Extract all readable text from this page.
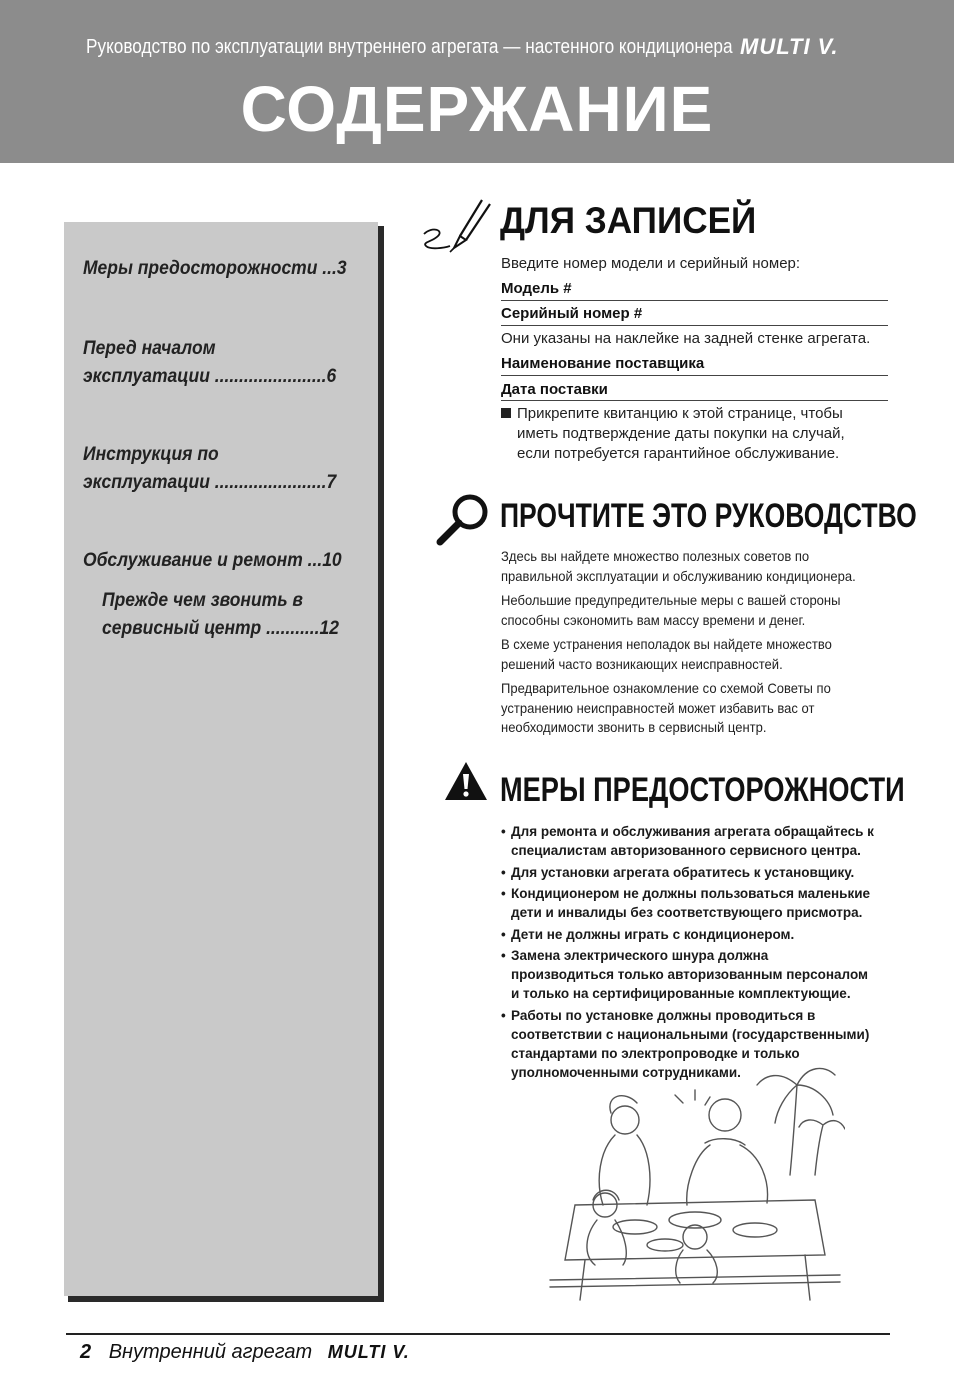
Руководство по эксплуатации внутреннего агрегата — настенного кондиционера MULTI V.
СОДЕРЖАНИЕ
Меры предосторожности ...3
Перед началом
эксплуатации .......................6
Инструкция по
эксплуатации .......................7
Обслуживание и ремонт ...10
Прежде чем звонить в
сервисный центр ...........12
ДЛЯ ЗАПИСЕЙ
Введите номер модели и серийный номер:
Модель #
Серийный номер #
Они указаны на наклейке на задней стенке агрегата.
Наименование поставщика
Дата поставки
Прикрепите квитанцию к этой странице, чтобы
иметь подтверждение даты покупки на случай,
если потребуется гарантийное обслуживание.
ПРОЧТИТЕ ЭТО РУКОВОДСТВО
Здесь вы найдете множество полезных советов по
правильной эксплуатации и обслуживанию кондиционера.
Небольшие предупредительные меры с вашей стороны
способны сэкономить вам массу времени и денег.
В схеме устранения неполадок вы найдете множество
решений часто возникающих неисправностей.
Предварительное ознакомление со схемой Советы по
устранению неисправностей может избавить вас от
необходимости звонить в сервисный центр.
МЕРЫ ПРЕДОСТОРОЖНОСТИ
• Для ремонта и обслуживания агрегата обращайтесь к
специалистам авторизованного сервисного центра.
• Для установки агрегата обратитесь к установщику.
• Кондиционером не должны пользоваться маленькие
дети и инвалиды без соответствующего присмотра.
• Дети не должны играть с кондиционером.
• Замена электрического шнура должна
производиться только авторизованным персоналом
и только на сертифицированные комплектующие.
• Работы по установке должны проводиться в
соответствии с национальными (государственными)
стандартами по электропроводке и только
уполномоченными сотрудниками.
2 Внутренний агрегат MULTI V.
